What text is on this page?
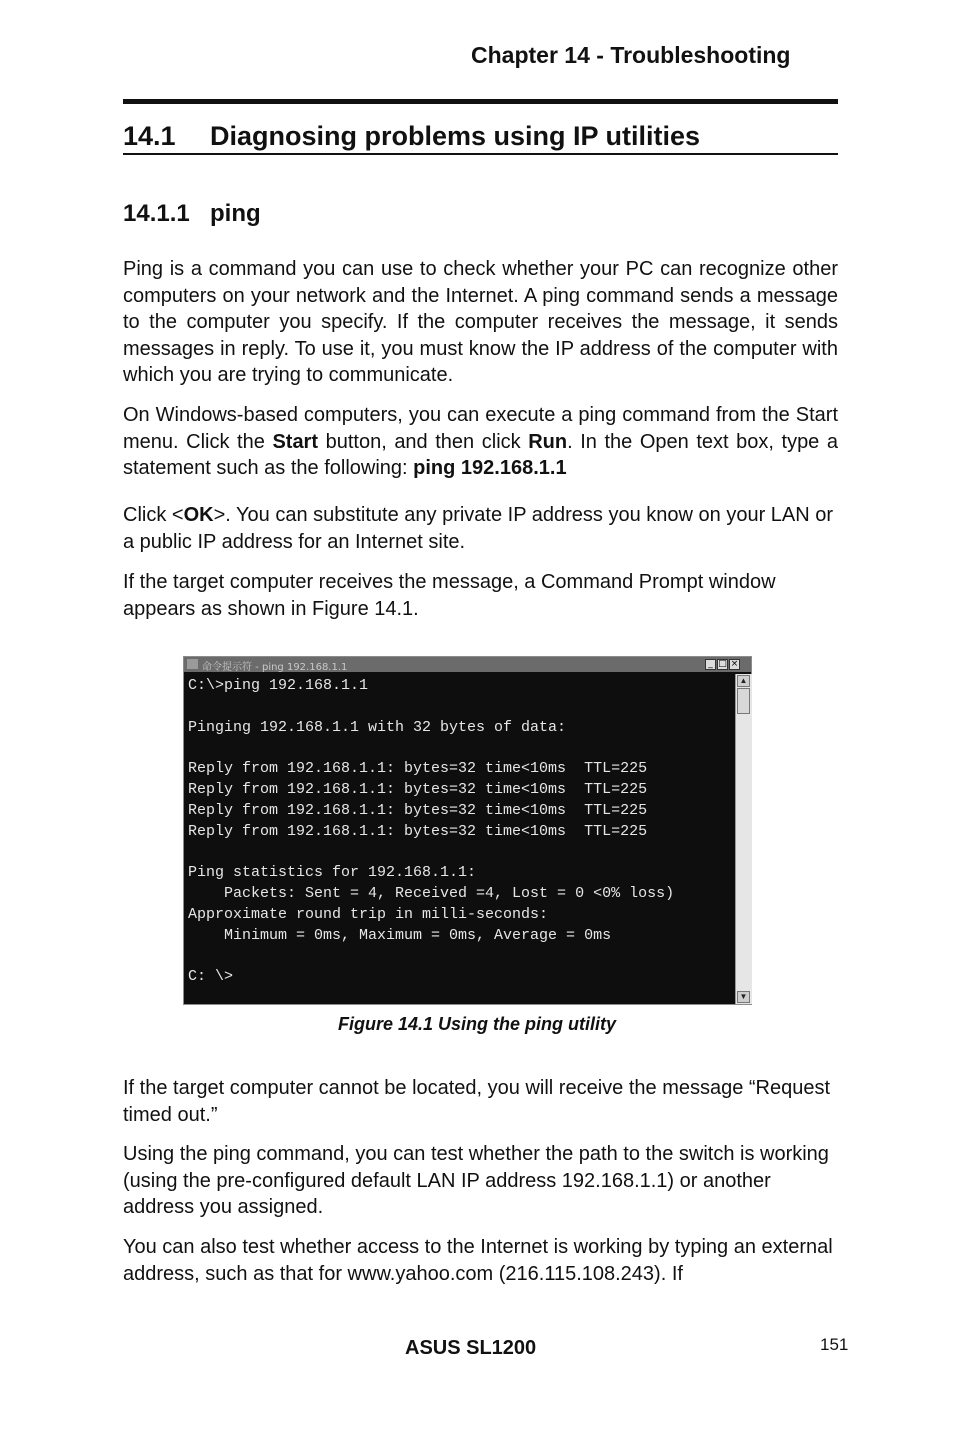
Chapter 14 - Troubleshooting
14.1 Diagnosing problems using IP utilities
14.1.1 ping

Ping is a command you can use to check whether your PC can recognize other computers on your network and the Internet. A ping command sends a message to the computer you specify. If the computer receives the message, it sends messages in reply. To use it, you must know the IP address of the computer with which you are trying to communicate.

On Windows-based computers, you can execute a ping command from the Start menu. Click the Start button, and then click Run. In the Open text box, type a statement such as the following: ping 192.168.1.1

Click <OK>. You can substitute any private IP address you know on your LAN or a public IP address for an Internet site.

If the target computer receives the message, a Command Prompt window appears as shown in Figure 14.1.

命令提示符 - ping 192.168.1.1	_ □ ×
C:\>ping 192.168.1.1
Pinging 192.168.1.1 with 32 bytes of data:
Reply from 192.168.1.1: bytes=32 time<10ms  TTL=225
Reply from 192.168.1.1: bytes=32 time<10ms  TTL=225
Reply from 192.168.1.1: bytes=32 time<10ms  TTL=225
Reply from 192.168.1.1: bytes=32 time<10ms  TTL=225
Ping statistics for 192.168.1.1:
Packets: Sent = 4, Received =4, Lost = 0 <0% loss)
Approximate round trip in milli-seconds:
Minimum = 0ms, Maximum = 0ms, Average = 0ms
C: \>
▲
▼
Figure 14.1 Using the ping utility

If the target computer cannot be located, you will receive the message “Request timed out.”

Using the ping command, you can test whether the path to the switch is working (using the pre-configured default LAN IP address 192.168.1.1) or another address you assigned.

You can also test whether access to the Internet is working by typing an external address, such as that for www.yahoo.com (216.115.108.243). If

ASUS SL1200	151
